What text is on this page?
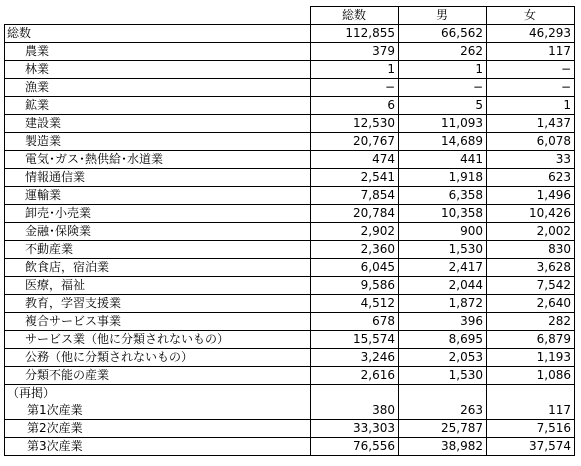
	総数	男	女
総数	112,855	66,562	46,293
農業	379	262	117
林業	1	1	−
漁業	−	−	−
鉱業	6	5	1
建設業	12,530	11,093	1,437
製造業	20,767	14,689	6,078
電気･ガス･熱供給･水道業	474	441	33
情報通信業	2,541	1,918	623
運輸業	7,854	6,358	1,496
卸売･小売業	20,784	10,358	10,426
金融･保険業	2,902	900	2,002
不動産業	2,360	1,530	830
飲食店，宿泊業	6,045	2,417	3,628
医療，福祉	9,586	2,044	7,542
教育，学習支援業	4,512	1,872	2,640
複合サービス事業	678	396	282
サービス業（他に分類されないもの）	15,574	8,695	6,879
公務（他に分類されないもの）	3,246	2,053	1,193
分類不能の産業	2,616	1,530	1,086
（再掲）			
第1次産業	380	263	117
第2次産業	33,303	25,787	7,516
第3次産業	76,556	38,982	37,574
